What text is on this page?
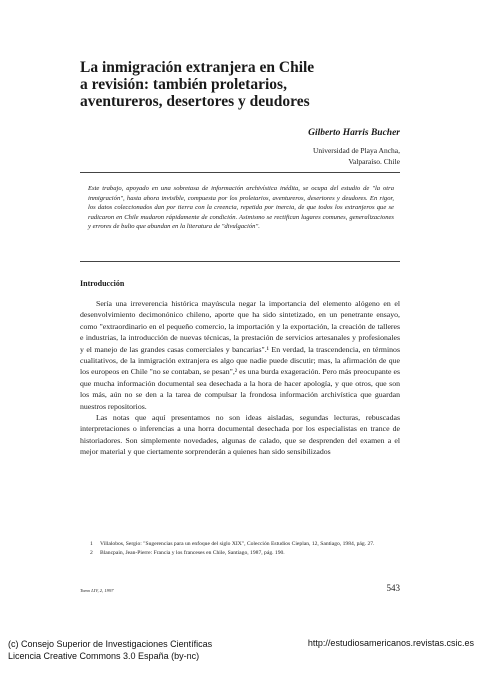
La inmigración extranjera en Chile
a revisión: también proletarios,
aventureros, desertores y deudores
Gilberto Harris Bucher
Universidad de Playa Ancha,
Valparaíso. Chile

Este trabajo, apoyado en una sobretasa de información archivística inédita, se ocupa del estudio de "la otra inmigración", hasta ahora invisible, compuesta por los proletarios, aventureros, desertores y deudores. En rigor, los datos coleccionados dan por tierra con la creencia, repetida por inercia, de que todos los extranjeros que se radicaron en Chile mudaron rápidamente de condición. Asimismo se rectifican lugares comunes, generalizaciones y errores de bulto que abundan en la literatura de "divulgación".

Introducción

Sería una irreverencia histórica mayúscula negar la importancia del elemento alógeno en el desenvolvimiento decimonónico chileno, aporte que ha sido sintetizado, en un penetrante ensayo, como "extraordinario en el pequeño comercio, la importación y la exportación, la creación de talleres e industrias, la introducción de nuevas técnicas, la prestación de servicios artesanales y profesionales y el manejo de las grandes casas comerciales y bancarias".¹ En verdad, la trascendencia, en términos cualitativos, de la inmigración extranjera es algo que nadie puede discutir; mas, la afirmación de que los europeos en Chile "no se contaban, se pesan",² es una burda exageración. Pero más preocupante es que mucha información documental sea desechada a la hora de hacer apología, y que otros, que son los más, aún no se den a la tarea de compulsar la frondosa información archivística que guardan nuestros repositorios.

Las notas que aquí presentamos no son ideas aisladas, segundas lecturas, rebuscadas interpretaciones o inferencias a una horra documental desechada por los especialistas en trance de historiadores. Son simplemente novedades, algunas de calado, que se desprenden del examen a el mejor material y que ciertamente sorprenderán a quienes han sido sensibilizados

1 Villalobos, Sergio: "Sugerencias para un enfoque del siglo XIX", Colección Estudios Cieplan, 12, Santiago, 1984, pág. 27.

2 Blancpain, Jean-Pierre: Francia y los franceses en Chile, Santiago, 1987, pág. 190.

Tomo LIV, 2, 1997	543
(c) Consejo Superior de Investigaciones Científicas
Licencia Creative Commons 3.0 España (by-nc)
http://estudiosamericanos.revistas.csic.es
